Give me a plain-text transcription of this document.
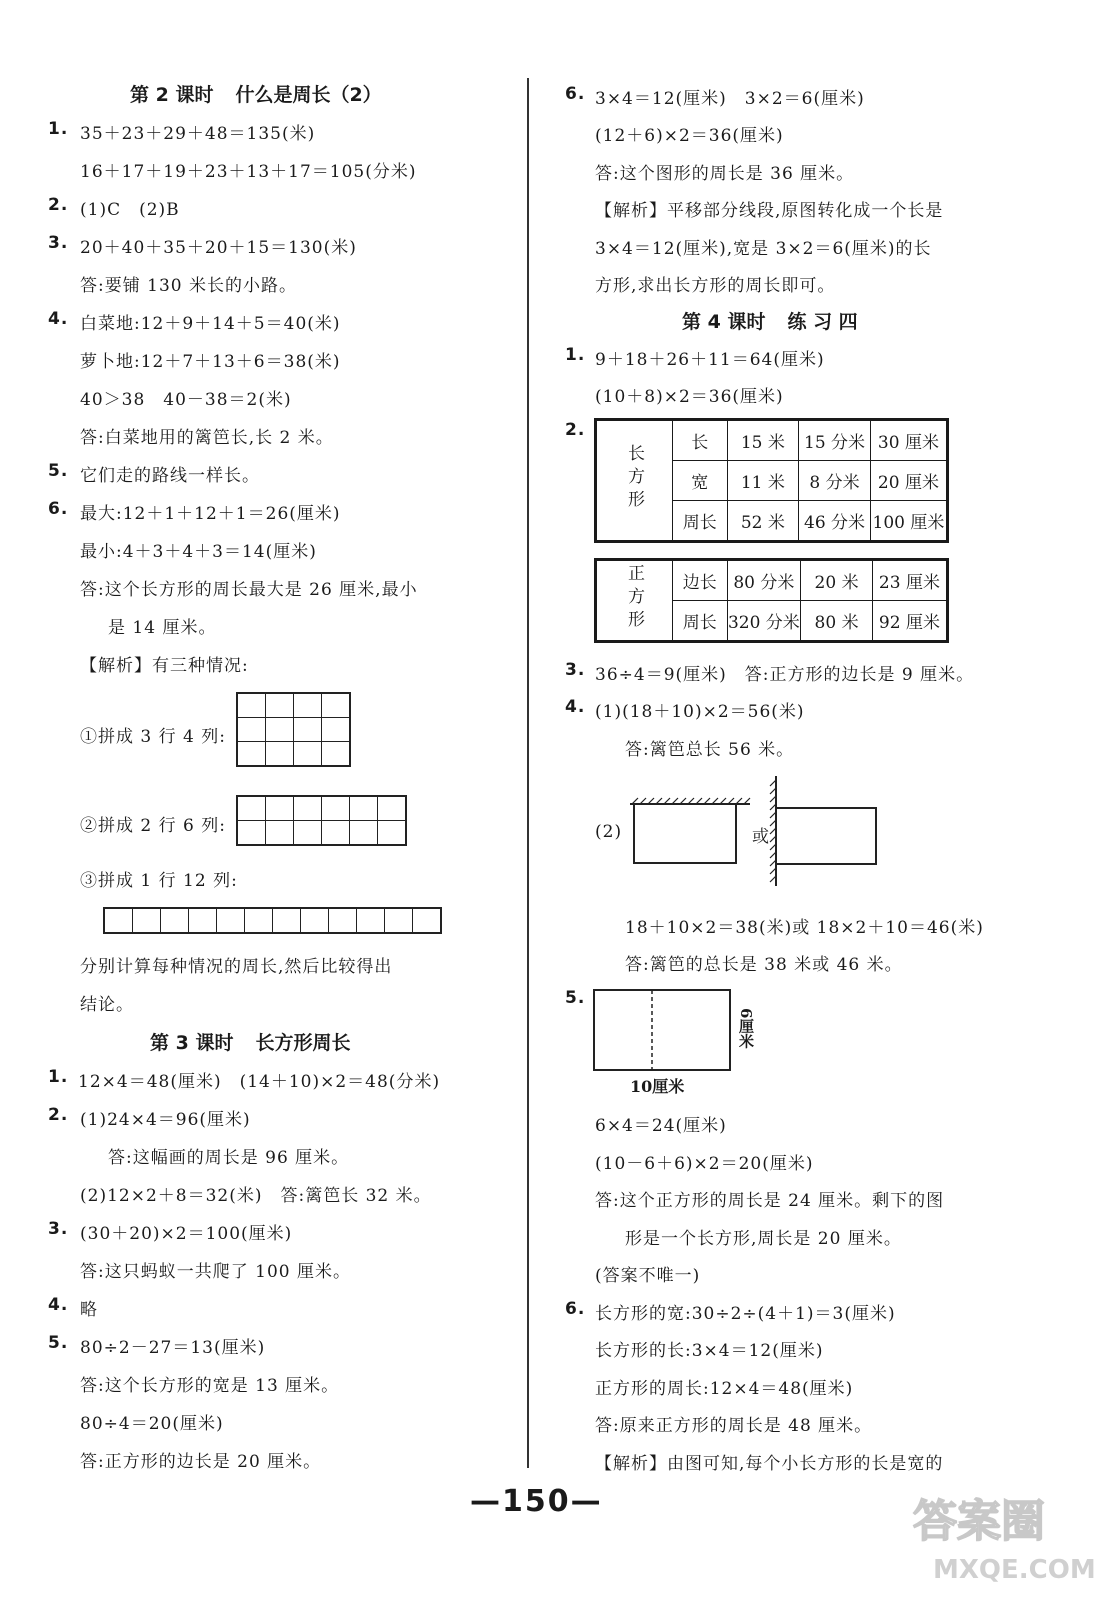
第 2 课时 什么是周长（2）
1. 35＋23＋29＋48＝135(米)
16＋17＋19＋23＋13＋17＝105(分米)
2. (1)C　(2)B
3. 20＋40＋35＋20＋15＝130(米)
答:要铺 130 米长的小路。
4. 白菜地:12＋9＋14＋5＝40(米)
萝卜地:12＋7＋13＋6＝38(米)
40＞38　40－38＝2(米)
答:白菜地用的篱笆长,长 2 米。
5. 它们走的路线一样长。
6. 最大:12＋1＋12＋1＝26(厘米)
最小:4＋3＋4＋3＝14(厘米)
答:这个长方形的周长最大是 26 厘米,最小
是 14 厘米。
【解析】有三种情况:
①拼成 3 行 4 列:

②拼成 2 行 6 列:

③拼成 1 行 12 列:

分别计算每种情况的周长,然后比较得出
结论。
第 3 课时 长方形周长
1. 12×4＝48(厘米)　(14＋10)×2＝48(分米)
2. (1)24×4＝96(厘米)
答:这幅画的周长是 96 厘米。
(2)12×2＋8＝32(米)　答:篱笆长 32 米。
3. (30＋20)×2＝100(厘米)
答:这只蚂蚁一共爬了 100 厘米。
4. 略
5. 80÷2－27＝13(厘米)
答:这个长方形的宽是 13 厘米。
80÷4＝20(厘米)
答:正方形的边长是 20 厘米。
6. 3×4＝12(厘米)　3×2＝6(厘米)
(12＋6)×2＝36(厘米)
答:这个图形的周长是 36 厘米。
【解析】平移部分线段,原图转化成一个长是
3×4＝12(厘米),宽是 3×2＝6(厘米)的长
方形,求出长方形的周长即可。
第 4 课时 练 习 四
1. 9＋18＋26＋11＝64(厘米)
(10＋8)×2＝36(厘米)
2.
长方形	长	15 米	15 分米	30 厘米
	宽	11 米	8 分米	20 厘米
	周长	52 米	46 分米	100 厘米
正方形	边长	80 分米	20 米	23 厘米
	周长	320 分米	80 米	92 厘米
3. 36÷4＝9(厘米)　答:正方形的边长是 9 厘米。
4. (1)(18＋10)×2＝56(米)
答:篱笆总长 56 米。
(2)	或
18＋10×2＝38(米)或 18×2＋10＝46(米)
答:篱笆的总长是 38 米或 46 米。
5.
6厘米
10厘米
6×4＝24(厘米)
(10－6＋6)×2＝20(厘米)
答:这个正方形的周长是 24 厘米。剩下的图
形是一个长方形,周长是 20 厘米。
(答案不唯一)
6. 长方形的宽:30÷2÷(4＋1)＝3(厘米)
长方形的长:3×4＝12(厘米)
正方形的周长:12×4＝48(厘米)
答:原来正方形的周长是 48 厘米。
【解析】由图可知,每个小长方形的长是宽的
—150—	答案圈
MXQE.COM
